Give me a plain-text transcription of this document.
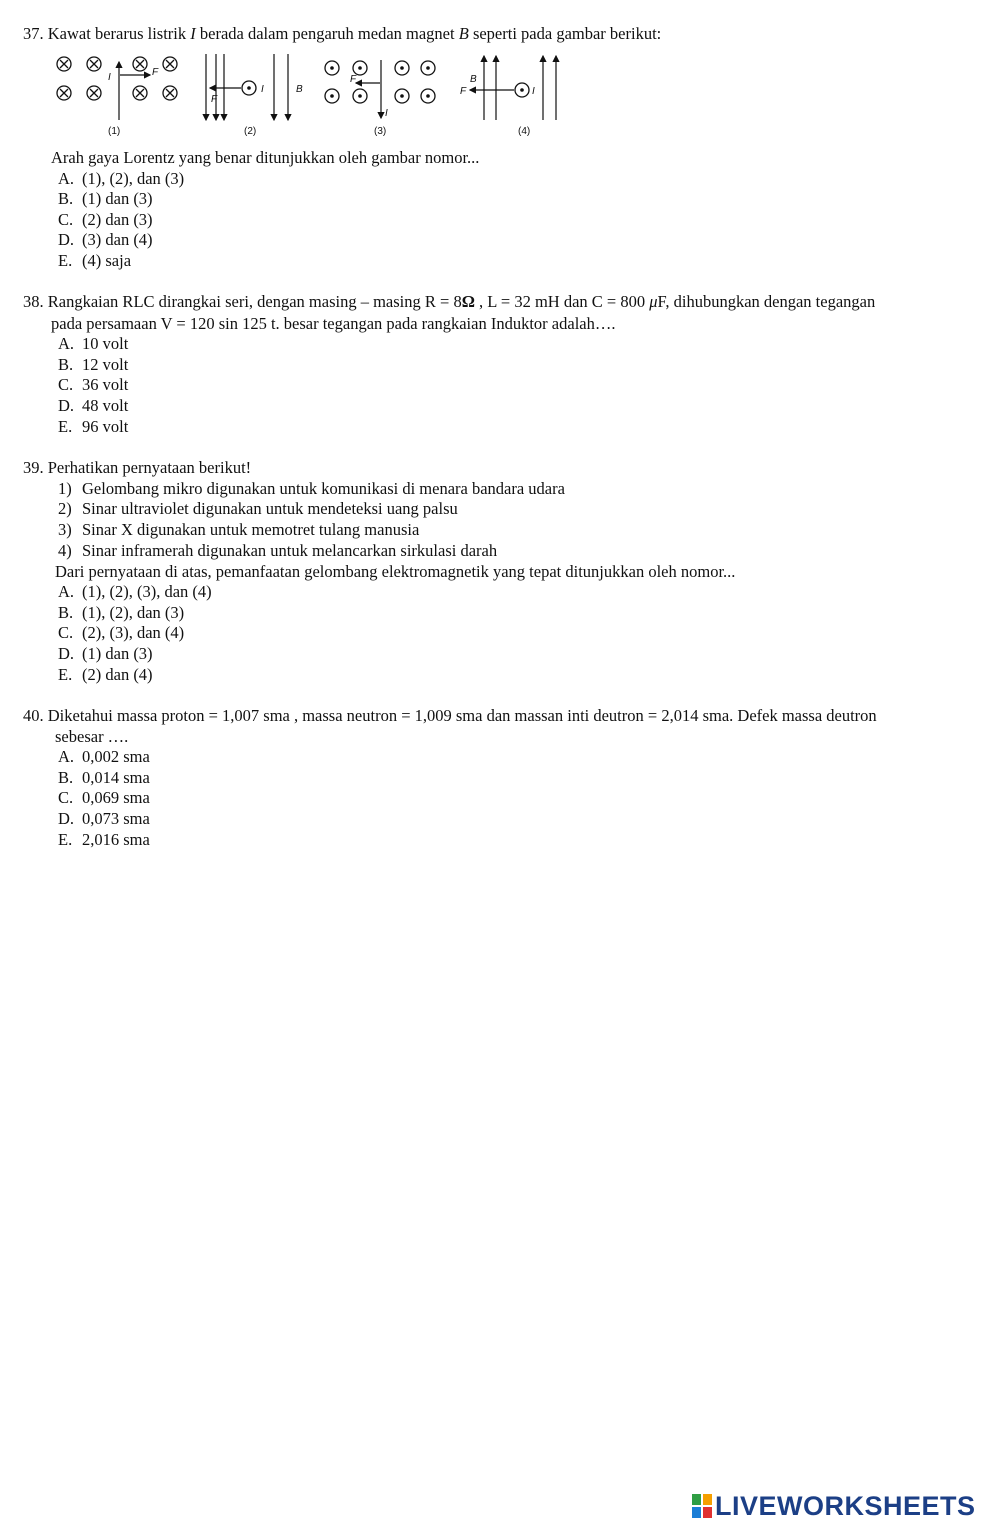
37. Kawat berarus listrik I berada dalam pengaruh medan magnet B seperti pada gambar berikut:
I	F
(1)
I
F
B
(2)
F
I
(3)
B
F	I
(4)
Arah gaya Lorentz yang benar ditunjukkan oleh gambar nomor...
A. (1), (2), dan (3)
B. (1) dan (3)
C. (2) dan (3)
D. (3) dan (4)
E. (4) saja
38. Rangkaian RLC dirangkai seri, dengan masing – masing R = 8Ω , L = 32 mH dan C = 800 μF, dihubungkan dengan tegangan
pada persamaan V = 120 sin 125 t. besar tegangan pada rangkaian Induktor adalah….
A. 10 volt
B. 12 volt
C. 36 volt
D. 48 volt
E. 96 volt
39. Perhatikan pernyataan berikut!
1) Gelombang mikro digunakan untuk komunikasi di menara bandara udara
2) Sinar ultraviolet digunakan untuk mendeteksi uang palsu
3) Sinar X digunakan untuk memotret tulang manusia
4) Sinar inframerah digunakan untuk melancarkan sirkulasi darah
Dari pernyataan di atas, pemanfaatan gelombang elektromagnetik yang tepat ditunjukkan oleh nomor...
A. (1), (2), (3), dan (4)
B. (1), (2), dan (3)
C. (2), (3), dan (4)
D. (1) dan (3)
E. (2) dan (4)
40. Diketahui massa proton = 1,007 sma , massa neutron = 1,009 sma dan massan inti deutron = 2,014 sma. Defek massa deutron
sebesar ….
A. 0,002 sma
B. 0,014 sma
C. 0,069 sma
D. 0,073 sma
E. 2,016 sma
LIVEWORKSHEETS
